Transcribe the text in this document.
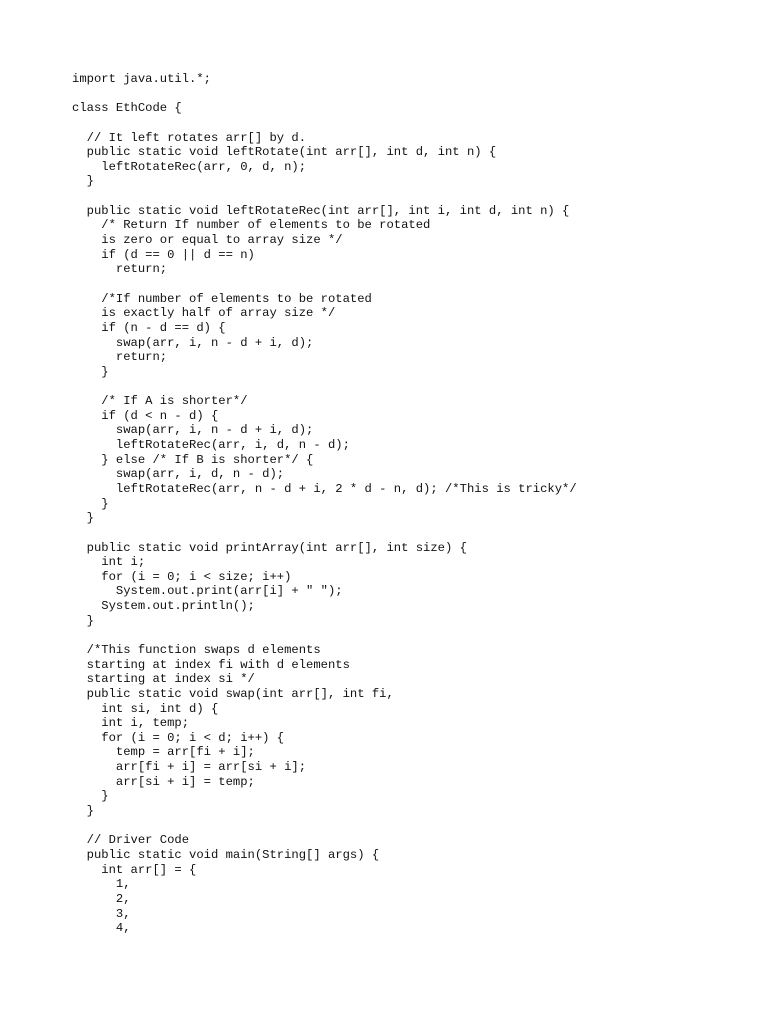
import java.util.*;
class EthCode {
// It left rotates arr[] by d.
public static void leftRotate(int arr[], int d, int n) {
leftRotateRec(arr, 0, d, n);
}
public static void leftRotateRec(int arr[], int i, int d, int n) {
/* Return If number of elements to be rotated
is zero or equal to array size */
if (d == 0 || d == n)
return;
/*If number of elements to be rotated
is exactly half of array size */
if (n - d == d) {
swap(arr, i, n - d + i, d);
return;
}
/* If A is shorter*/
if (d < n - d) {
swap(arr, i, n - d + i, d);
leftRotateRec(arr, i, d, n - d);
} else /* If B is shorter*/ {
swap(arr, i, d, n - d);
leftRotateRec(arr, n - d + i, 2 * d - n, d); /*This is tricky*/
}
}
public static void printArray(int arr[], int size) {
int i;
for (i = 0; i < size; i++)
System.out.print(arr[i] + " ");
System.out.println();
}
/*This function swaps d elements
starting at index fi with d elements
starting at index si */
public static void swap(int arr[], int fi,
int si, int d) {
int i, temp;
for (i = 0; i < d; i++) {
temp = arr[fi + i];
arr[fi + i] = arr[si + i];
arr[si + i] = temp;
}
}
// Driver Code
public static void main(String[] args) {
int arr[] = {
1,
2,
3,
4,
